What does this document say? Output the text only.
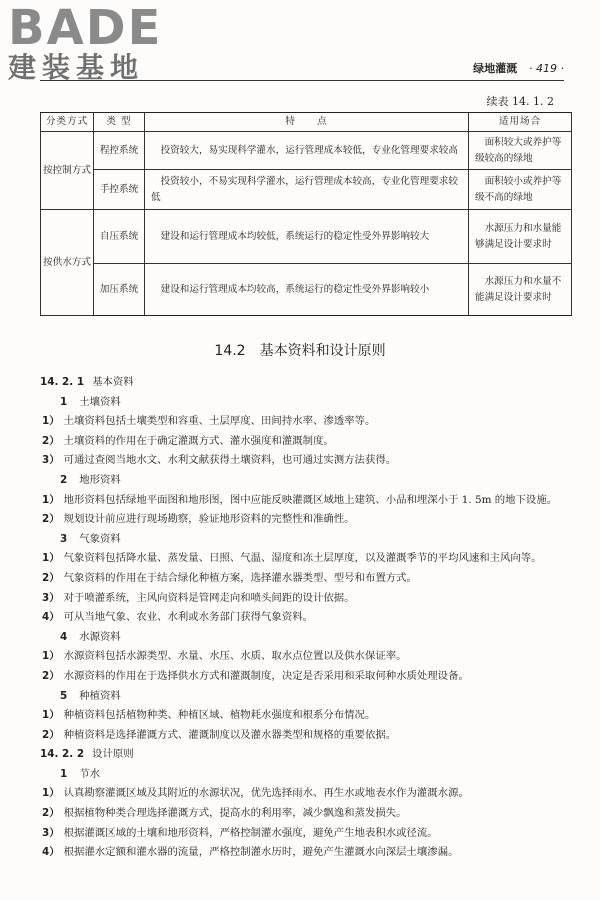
BADE
建装基地	绿地灌溉 · 419 ·
续表 14. 1. 2
分类方式	类 型	特　　点	适用场合
按控制方式	程控系统	投资较大，易实现科学灌水，运行管理成本较低，专业化管理要求较高	面积较大或养护等级较高的绿地
	手控系统	投资较小，不易实现科学灌水，运行管理成本较高，专业化管理要求较低	面积较小或养护等级不高的绿地
按供水方式	自压系统	建设和运行管理成本均较低，系统运行的稳定性受外界影响较大	水源压力和水量能够满足设计要求时
	加压系统	建设和运行管理成本均较高，系统运行的稳定性受外界影响较小	水源压力和水量不能满足设计要求时
14.2 基本资料和设计原则
14. 2. 1 基本资料
1 土壤资料
1） 土壤资料包括土壤类型和容重、土层厚度、田间持水率、渗透率等。
2） 土壤资料的作用在于确定灌溉方式、灌水强度和灌溉制度。
3） 可通过查阅当地水文、水利文献获得土壤资料，也可通过实测方法获得。
2 地形资料
1） 地形资料包括绿地平面图和地形图，图中应能反映灌溉区域地上建筑、小品和埋深小于 1. 5m 的地下设施。
2） 规划设计前应进行现场勘察，验证地形资料的完整性和准确性。
3 气象资料
1） 气象资料包括降水量、蒸发量、日照、气温、湿度和冻土层厚度，以及灌溉季节的平均风速和主风向等。
2） 气象资料的作用在于结合绿化种植方案，选择灌水器类型、型号和布置方式。
3） 对于喷灌系统，主风向资料是管网走向和喷头间距的设计依据。
4） 可从当地气象、农业、水利或水务部门获得气象资料。
4 水源资料
1） 水源资料包括水源类型、水量、水压、水质、取水点位置以及供水保证率。
2） 水源资料的作用在于选择供水方式和灌溉制度，决定是否采用和采取何种水质处理设备。
5 种植资料
1） 种植资料包括植物种类、种植区域、植物耗水强度和根系分布情况。
2） 种植资料是选择灌溉方式、灌溉制度以及灌水器类型和规格的重要依据。
14. 2. 2 设计原则
1 节水
1） 认真勘察灌溉区域及其附近的水源状况，优先选择雨水、再生水或地表水作为灌溉水源。
2） 根据植物种类合理选择灌溉方式，提高水的利用率，减少飘逸和蒸发损失。
3） 根据灌溉区域的土壤和地形资料，严格控制灌水强度，避免产生地表积水或径流。
4） 根据灌水定额和灌水器的流量，严格控制灌水历时，避免产生灌溉水向深层土壤渗漏。
